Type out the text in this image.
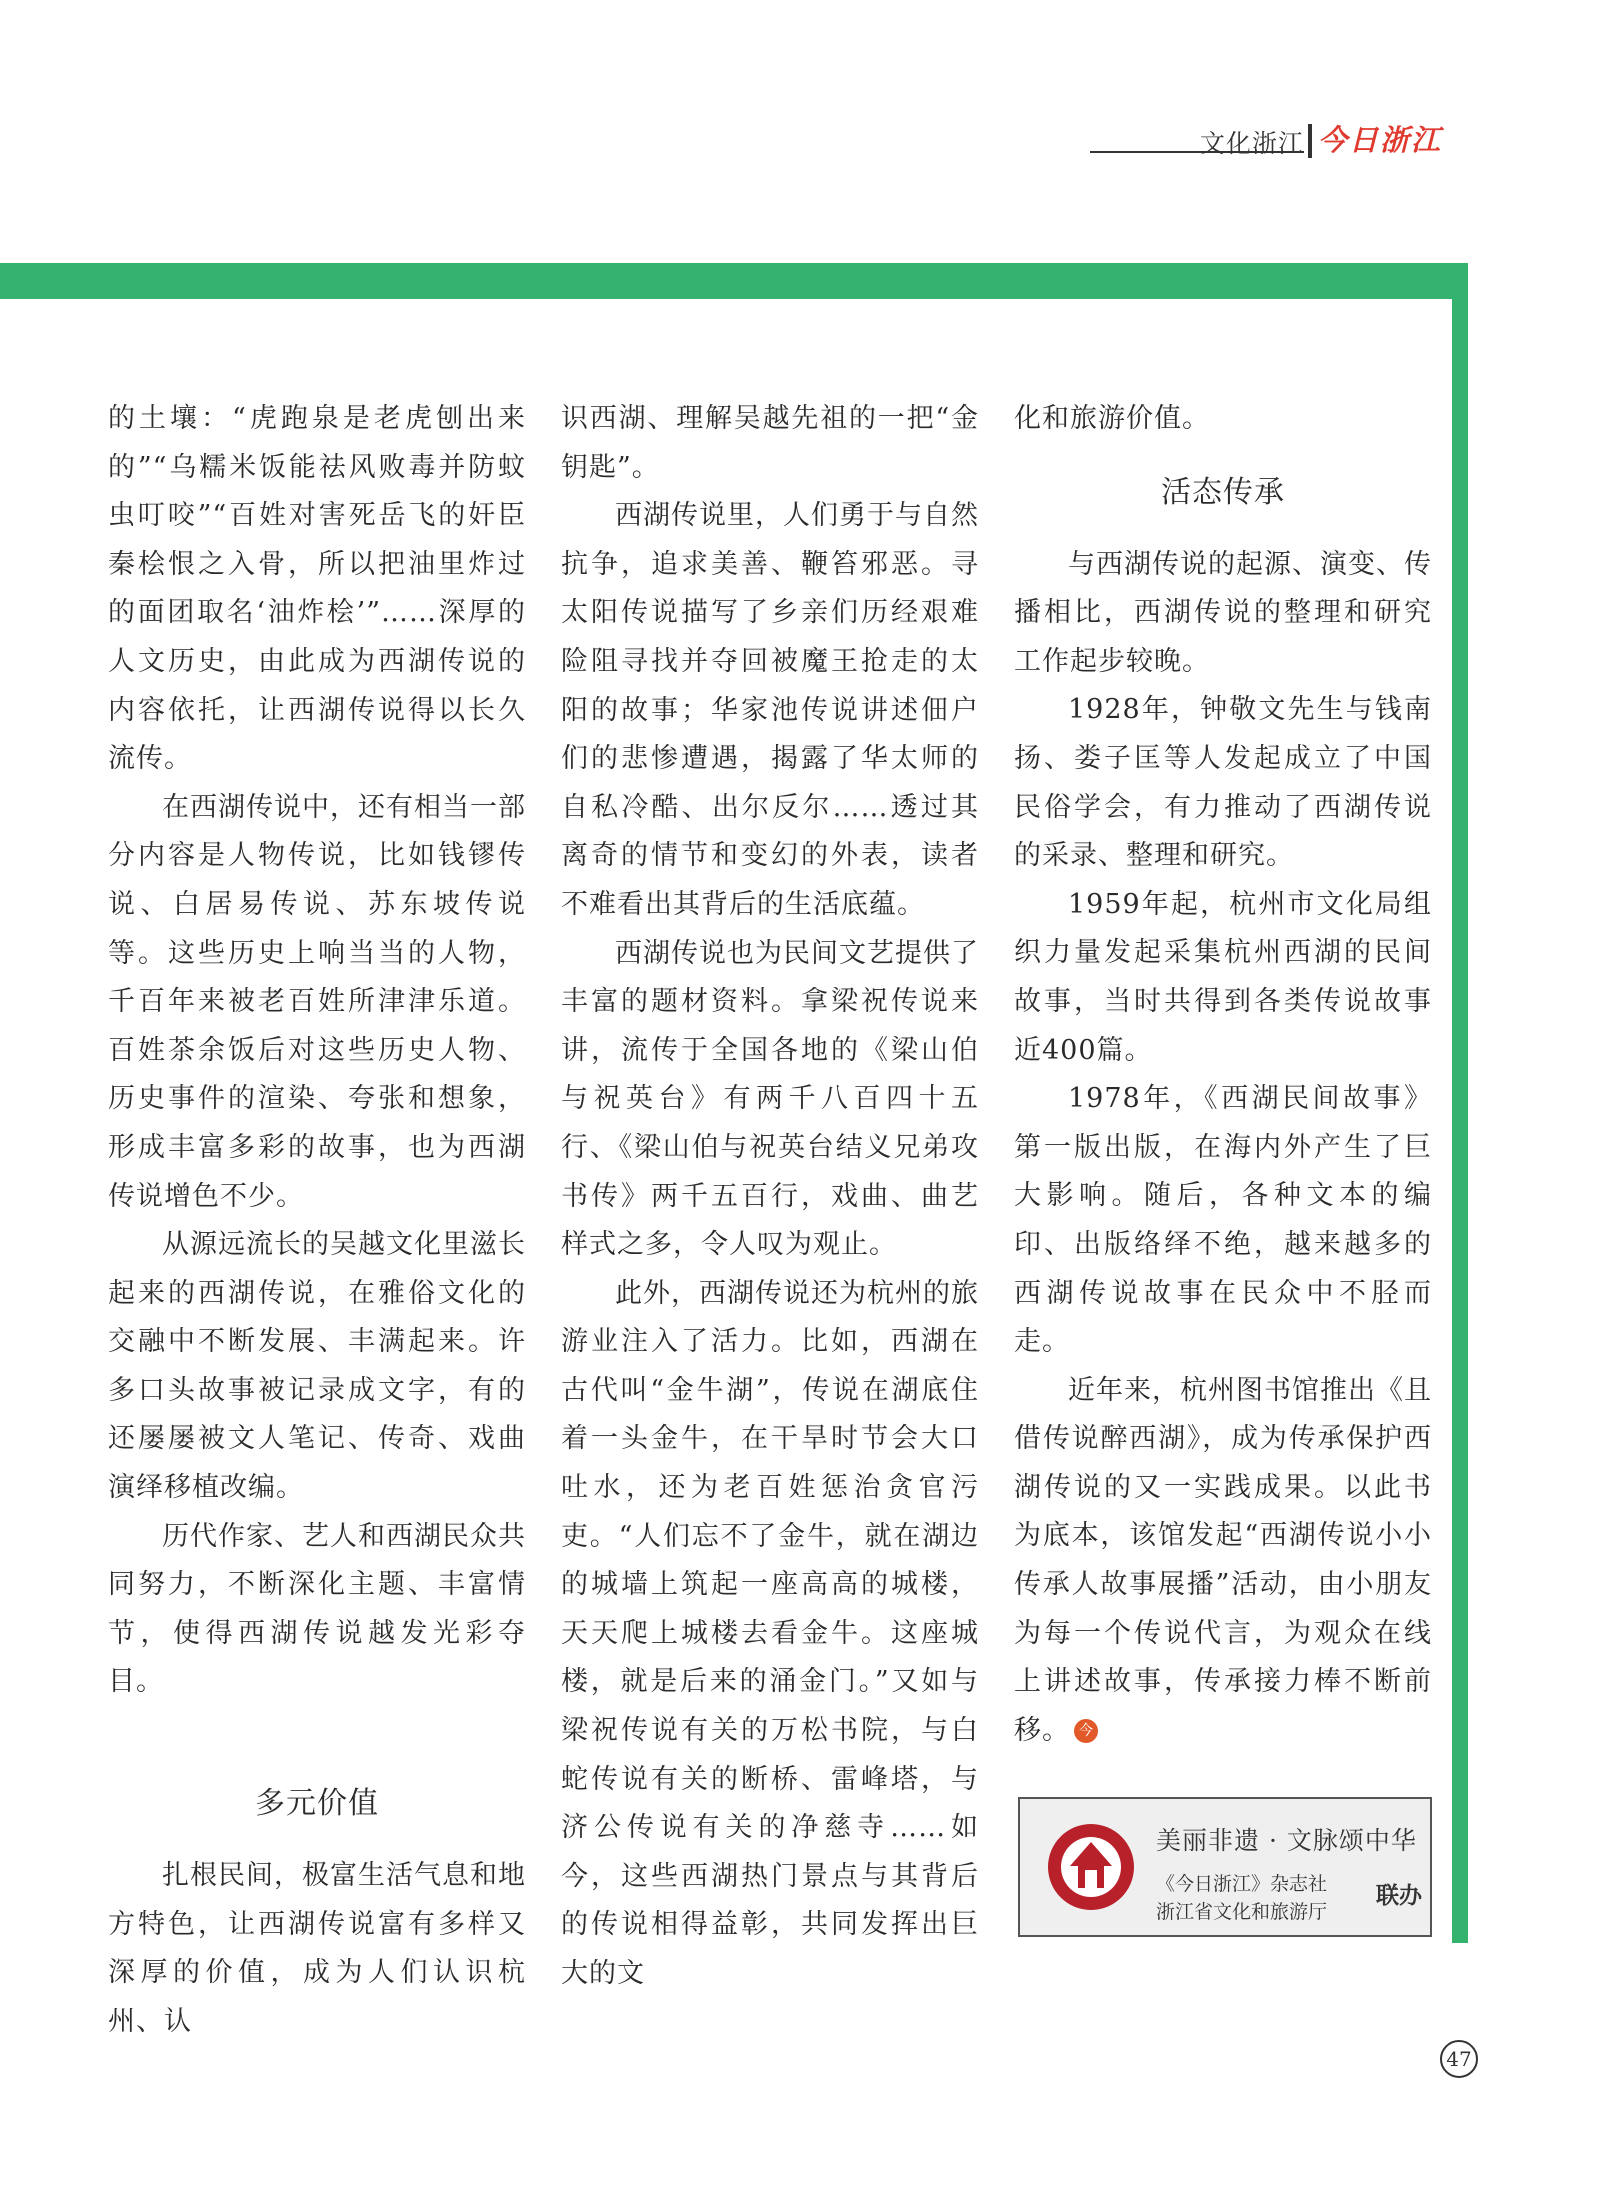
文化浙江 今日浙江

的土壤：“虎跑泉是老虎刨出来的”“乌糯米饭能祛风败毒并防蚊虫叮咬”“百姓对害死岳飞的奸臣秦桧恨之入骨，所以把油里炸过的面团取名‘油炸桧’”……深厚的人文历史，由此成为西湖传说的内容依托，让西湖传说得以长久流传。

在西湖传说中，还有相当一部分内容是人物传说，比如钱镠传说、白居易传说、苏东坡传说等。这些历史上响当当的人物，千百年来被老百姓所津津乐道。百姓茶余饭后对这些历史人物、历史事件的渲染、夸张和想象，形成丰富多彩的故事，也为西湖传说增色不少。

从源远流长的吴越文化里滋长起来的西湖传说，在雅俗文化的交融中不断发展、丰满起来。许多口头故事被记录成文字，有的还屡屡被文人笔记、传奇、戏曲演绎移植改编。

历代作家、艺人和西湖民众共同努力，不断深化主题、丰富情节，使得西湖传说越发光彩夺目。

多元价值

扎根民间，极富生活气息和地方特色，让西湖传说富有多样又深厚的价值，成为人们认识杭州、认

识西湖、理解吴越先祖的一把“金钥匙”。

西湖传说里，人们勇于与自然抗争，追求美善、鞭笞邪恶。寻太阳传说描写了乡亲们历经艰难险阻寻找并夺回被魔王抢走的太阳的故事；华家池传说讲述佃户们的悲惨遭遇，揭露了华太师的自私冷酷、出尔反尔……透过其离奇的情节和变幻的外表，读者不难看出其背后的生活底蕴。

西湖传说也为民间文艺提供了丰富的题材资料。拿梁祝传说来讲，流传于全国各地的《梁山伯与祝英台》有两千八百四十五行、《梁山伯与祝英台结义兄弟攻书传》两千五百行，戏曲、曲艺样式之多，令人叹为观止。

此外，西湖传说还为杭州的旅游业注入了活力。比如，西湖在古代叫“金牛湖”，传说在湖底住着一头金牛，在干旱时节会大口吐水，还为老百姓惩治贪官污吏。“人们忘不了金牛，就在湖边的城墙上筑起一座高高的城楼，天天爬上城楼去看金牛。这座城楼，就是后来的涌金门。”又如与梁祝传说有关的万松书院，与白蛇传说有关的断桥、雷峰塔，与济公传说有关的净慈寺……如今，这些西湖热门景点与其背后的传说相得益彰，共同发挥出巨大的文

化和旅游价值。

活态传承

与西湖传说的起源、演变、传播相比，西湖传说的整理和研究工作起步较晚。

1928年，钟敬文先生与钱南扬、娄子匡等人发起成立了中国民俗学会，有力推动了西湖传说的采录、整理和研究。

1959年起，杭州市文化局组织力量发起采集杭州西湖的民间故事，当时共得到各类传说故事近400篇。

1978年，《西湖民间故事》第一版出版，在海内外产生了巨大影响。随后，各种文本的编印、出版络绎不绝，越来越多的西湖传说故事在民众中不胫而走。

近年来，杭州图书馆推出《且借传说醉西湖》，成为传承保护西湖传说的又一实践成果。以此书为底本，该馆发起“西湖传说小小传承人故事展播”活动，由小朋友为每一个传说代言，为观众在线上讲述故事，传承接力棒不断前移。 今

美丽非遗 · 文脉颂中华
《今日浙江》杂志社
浙江省文化和旅游厅
联办
47
